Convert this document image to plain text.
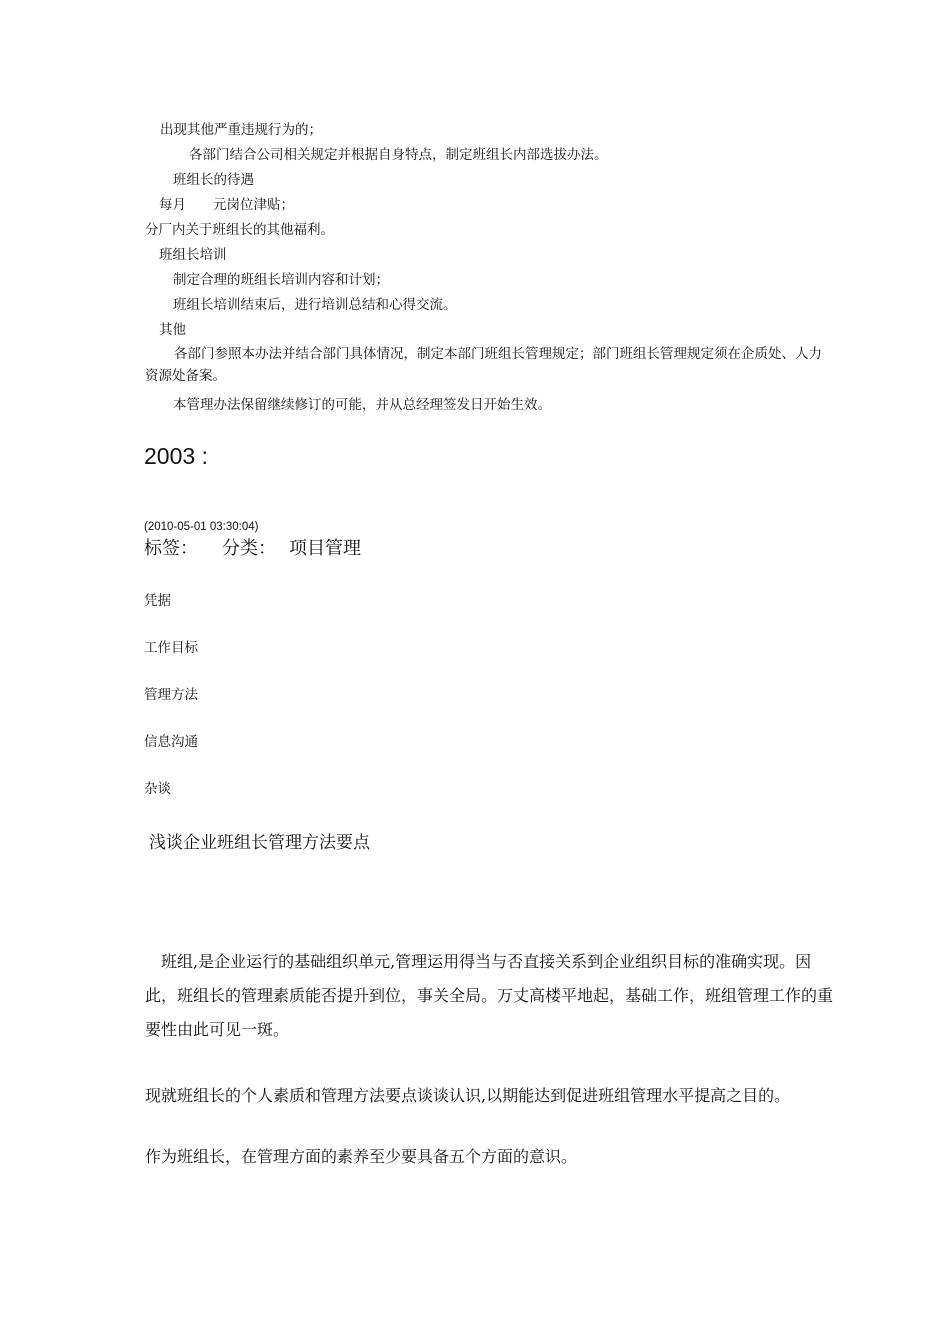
出现其他严重违规行为的；
各部门结合公司相关规定并根据自身特点，制定班组长内部选拔办法。
班组长的待遇
每月　　元岗位津贴；
分厂内关于班组长的其他福利。
班组长培训
制定合理的班组长培训内容和计划；
班组长培训结束后，进行培训总结和心得交流。
其他
各部门参照本办法并结合部门具体情况，制定本部门班组长管理规定；部门班组长管理规定须在企质处、人力资源处备案。
本管理办法保留继续修订的可能，并从总经理签发日开始生效。
2003 :
(2010-05-01 03:30:04)
标签： 分类： 项目管理
凭据
工作目标
管理方法
信息沟通
杂谈
浅谈企业班组长管理方法要点
班组,是企业运行的基础组织单元,管理运用得当与否直接关系到企业组织目标的准确实现。因此，班组长的管理素质能否提升到位，事关全局。万丈高楼平地起，基础工作，班组管理工作的重要性由此可见一斑。
现就班组长的个人素质和管理方法要点谈谈认识,以期能达到促进班组管理水平提高之目的。
作为班组长，在管理方面的素养至少要具备五个方面的意识。
